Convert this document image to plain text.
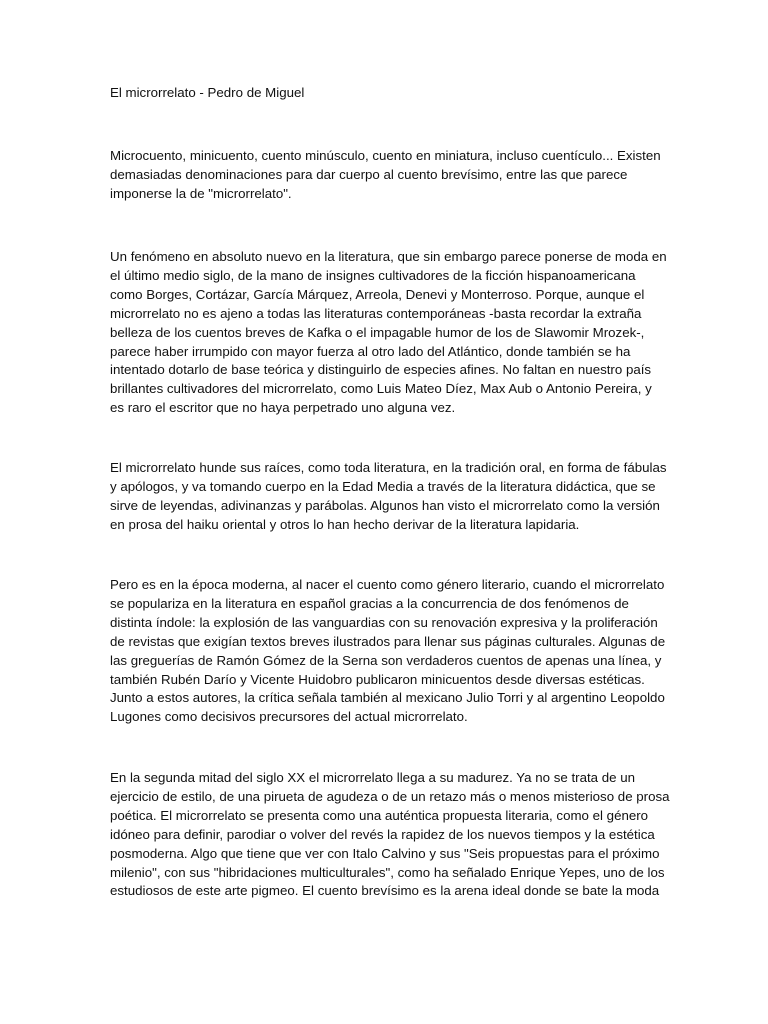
El microrrelato - Pedro de Miguel
Microcuento, minicuento, cuento minúsculo, cuento en miniatura, incluso cuentículo... Existen
demasiadas denominaciones para dar cuerpo al cuento brevísimo, entre las que parece
imponerse la de "microrrelato".
Un fenómeno en absoluto nuevo en la literatura, que sin embargo parece ponerse de moda en
el último medio siglo, de la mano de insignes cultivadores de la ficción hispanoamericana
como Borges, Cortázar, García Márquez, Arreola, Denevi y Monterroso. Porque, aunque el
microrrelato no es ajeno a todas las literaturas contemporáneas -basta recordar la extraña
belleza de los cuentos breves de Kafka o el impagable humor de los de Slawomir Mrozek-,
parece haber irrumpido con mayor fuerza al otro lado del Atlántico, donde también se ha
intentado dotarlo de base teórica y distinguirlo de especies afines. No faltan en nuestro país
brillantes cultivadores del microrrelato, como Luis Mateo Díez, Max Aub o Antonio Pereira, y
es raro el escritor que no haya perpetrado uno alguna vez.
El microrrelato hunde sus raíces, como toda literatura, en la tradición oral, en forma de fábulas
y apólogos, y va tomando cuerpo en la Edad Media a través de la literatura didáctica, que se
sirve de leyendas, adivinanzas y parábolas. Algunos han visto el microrrelato como la versión
en prosa del haiku oriental y otros lo han hecho derivar de la literatura lapidaria.
Pero es en la época moderna, al nacer el cuento como género literario, cuando el microrrelato
se populariza en la literatura en español gracias a la concurrencia de dos fenómenos de
distinta índole: la explosión de las vanguardias con su renovación expresiva y la proliferación
de revistas que exigían textos breves ilustrados para llenar sus páginas culturales. Algunas de
las greguerías de Ramón Gómez de la Serna son verdaderos cuentos de apenas una línea, y
también Rubén Darío y Vicente Huidobro publicaron minicuentos desde diversas estéticas.
Junto a estos autores, la crítica señala también al mexicano Julio Torri y al argentino Leopoldo
Lugones como decisivos precursores del actual microrrelato.
En la segunda mitad del siglo XX el microrrelato llega a su madurez. Ya no se trata de un
ejercicio de estilo, de una pirueta de agudeza o de un retazo más o menos misterioso de prosa
poética. El microrrelato se presenta como una auténtica propuesta literaria, como el género
idóneo para definir, parodiar o volver del revés la rapidez de los nuevos tiempos y la estética
posmoderna. Algo que tiene que ver con Italo Calvino y sus "Seis propuestas para el próximo
milenio", con sus "hibridaciones multiculturales", como ha señalado Enrique Yepes, uno de los
estudiosos de este arte pigmeo. El cuento brevísimo es la arena ideal donde se bate la moda
